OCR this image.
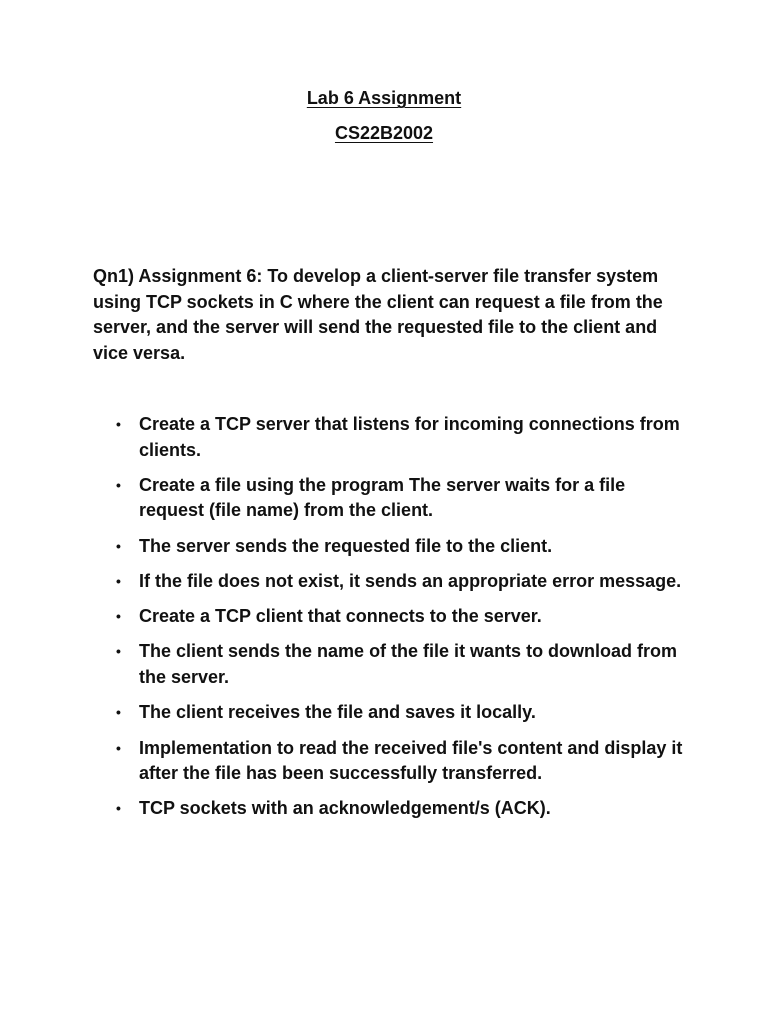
Lab 6 Assignment
CS22B2002

Qn1) Assignment 6: To develop a client-server file transfer system using TCP sockets in C where the client can request a file from the server, and the server will send the requested file to the client and vice versa.

• Create a TCP server that listens for incoming connections from clients.
• Create a file using the program The server waits for a file request (file name) from the client.
• The server sends the requested file to the client.
• If the file does not exist, it sends an appropriate error message.
• Create a TCP client that connects to the server.
• The client sends the name of the file it wants to download from the server.
• The client receives the file and saves it locally.
• Implementation to read the received file's content and display it after the file has been successfully transferred.
• TCP sockets with an acknowledgement/s (ACK).
